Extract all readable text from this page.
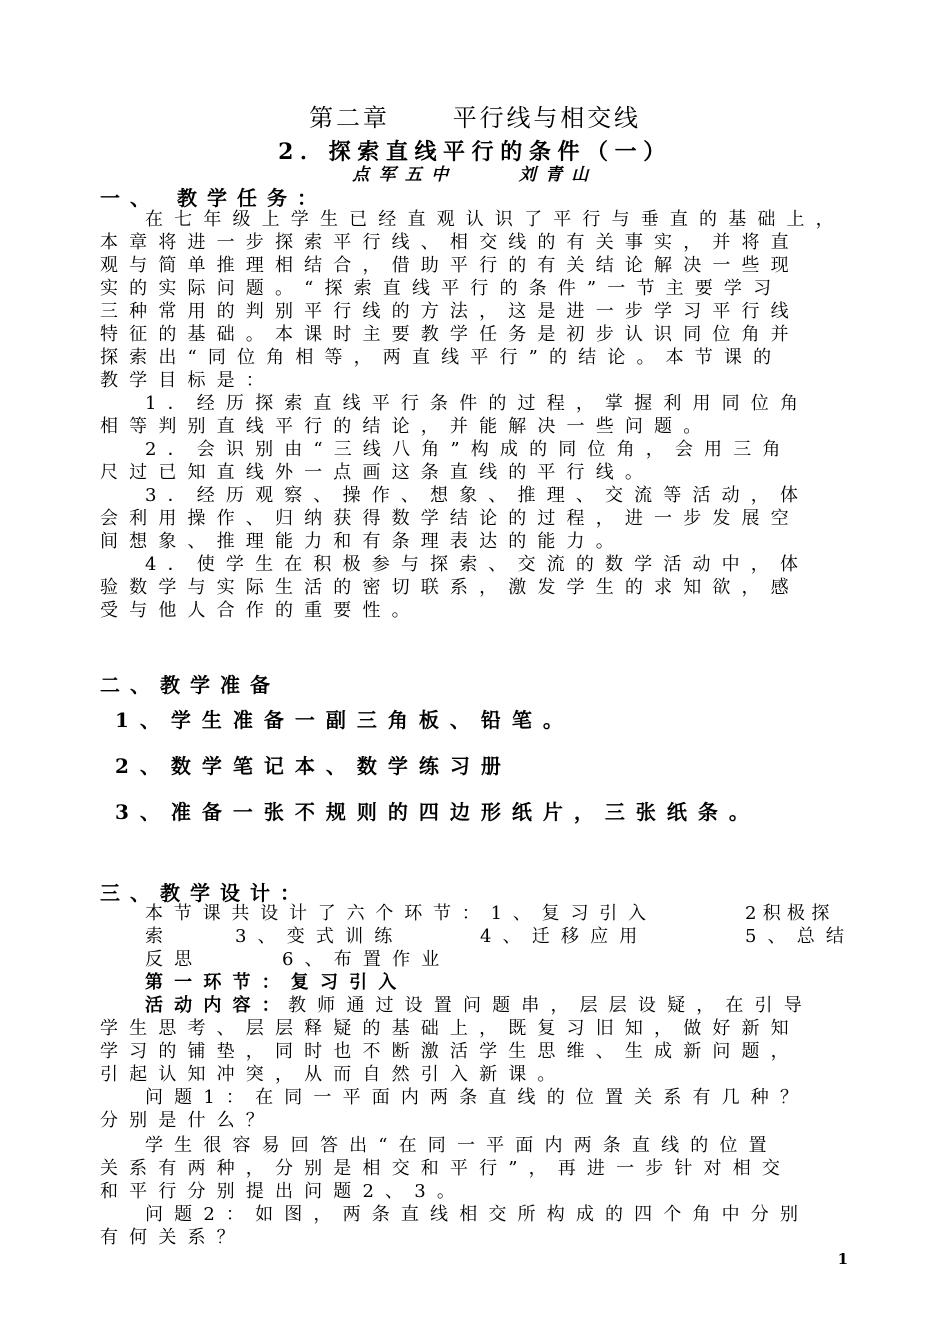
第二章      平行线与相交线
2．探索直线平行的条件（一）
点军五中    刘青山
一、 教学任务：
在七年级上学生已经直观认识了平行与垂直的基础上，
本章将进一步探索平行线、相交线的有关事实，并将直
观与简单推理相结合，借助平行的有关结论解决一些现
实的实际问题。“探索直线平行的条件”一节主要学习
三种常用的判别平行线的方法，这是进一步学习平行线
特征的基础。本课时主要教学任务是初步认识同位角并
探索出“同位角相等，两直线平行”的结论。本节课的
教学目标是：
1．经历探索直线平行条件的过程，掌握利用同位角
相等判别直线平行的结论，并能解决一些问题。
2．会识别由“三线八角”构成的同位角，会用三角
尺过已知直线外一点画这条直线的平行线。
3．经历观察、操作、想象、推理、交流等活动，体
会利用操作、归纳获得数学结论的过程，进一步发展空
间想象、推理能力和有条理表达的能力。
4．使学生在积极参与探索、交流的数学活动中，体
验数学与实际生活的密切联系，激发学生的求知欲，感
受与他人合作的重要性。
二、教学准备
1、学生准备一副三角板、铅笔。
2、数学笔记本、数学练习册
3、准备一张不规则的四边形纸片，三张纸条。
三、教学设计：
本节课共设计了六个环节：1、复习引入	2积极探
索	3、变式训练	4、迁移应用	5、总结
反思	6、布置作业
第一环节：复习引入
活动内容：
教师通过设置问题串，层层设疑，在引导
学生思考、层层释疑的基础上，既复习旧知，做好新知
学习的铺垫，同时也不断激活学生思维、生成新问题，
引起认知冲突，从而自然引入新课。
问题1：在同一平面内两条直线的位置关系有几种？
分别是什么？
学生很容易回答出“在同一平面内两条直线的位置
关系有两种，分别是相交和平行”，再进一步针对相交
和平行分别提出问题2、3。
问题2：如图，两条直线相交所构成的四个角中分别
有何关系？
1
